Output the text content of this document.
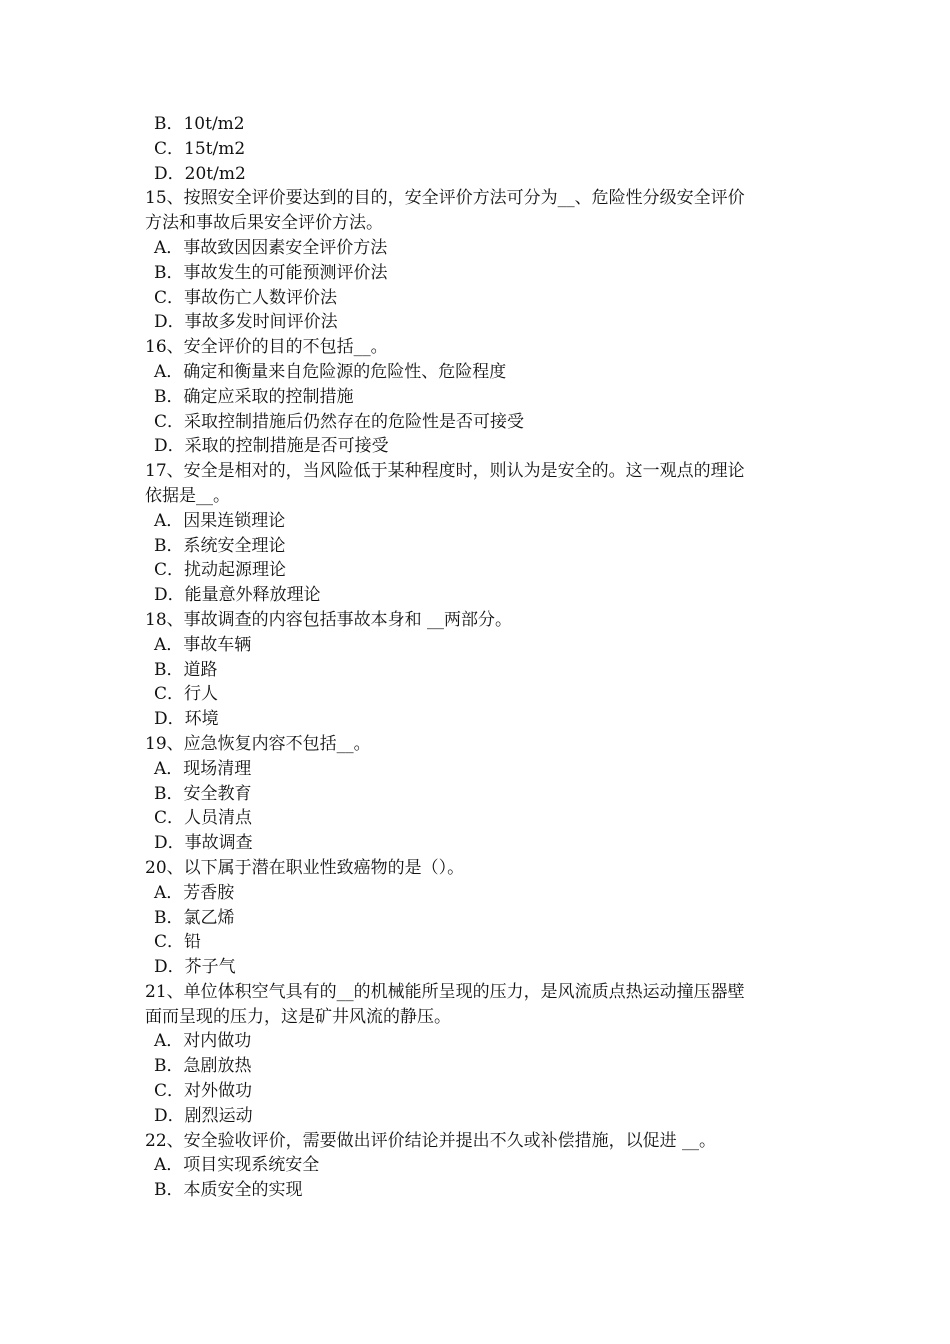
B．10t/m2
C．15t/m2
D．20t/m2
15、按照安全评价要达到的目的，安全评价方法可分为__、危险性分级安全评价
方法和事故后果安全评价方法。
A．事故致因因素安全评价方法
B．事故发生的可能预测评价法
C．事故伤亡人数评价法
D．事故多发时间评价法
16、安全评价的目的不包括__。
A．确定和衡量来自危险源的危险性、危险程度
B．确定应采取的控制措施
C．采取控制措施后仍然存在的危险性是否可接受
D．采取的控制措施是否可接受
17、安全是相对的，当风险低于某种程度时，则认为是安全的。这一观点的理论
依据是__。
A．因果连锁理论
B．系统安全理论
C．扰动起源理论
D．能量意外释放理论
18、事故调查的内容包括事故本身和 __两部分。
A．事故车辆
B．道路
C．行人
D．环境
19、应急恢复内容不包括__。
A．现场清理
B．安全教育
C．人员清点
D．事故调查
20、以下属于潜在职业性致癌物的是（）。
A．芳香胺
B．氯乙烯
C．铅
D．芥子气
21、单位体积空气具有的__的机械能所呈现的压力，是风流质点热运动撞压器壁
面而呈现的压力，这是矿井风流的静压。
A．对内做功
B．急剧放热
C．对外做功
D．剧烈运动
22、安全验收评价，需要做出评价结论并提出不久或补偿措施，以促进 __。
A．项目实现系统安全
B．本质安全的实现
